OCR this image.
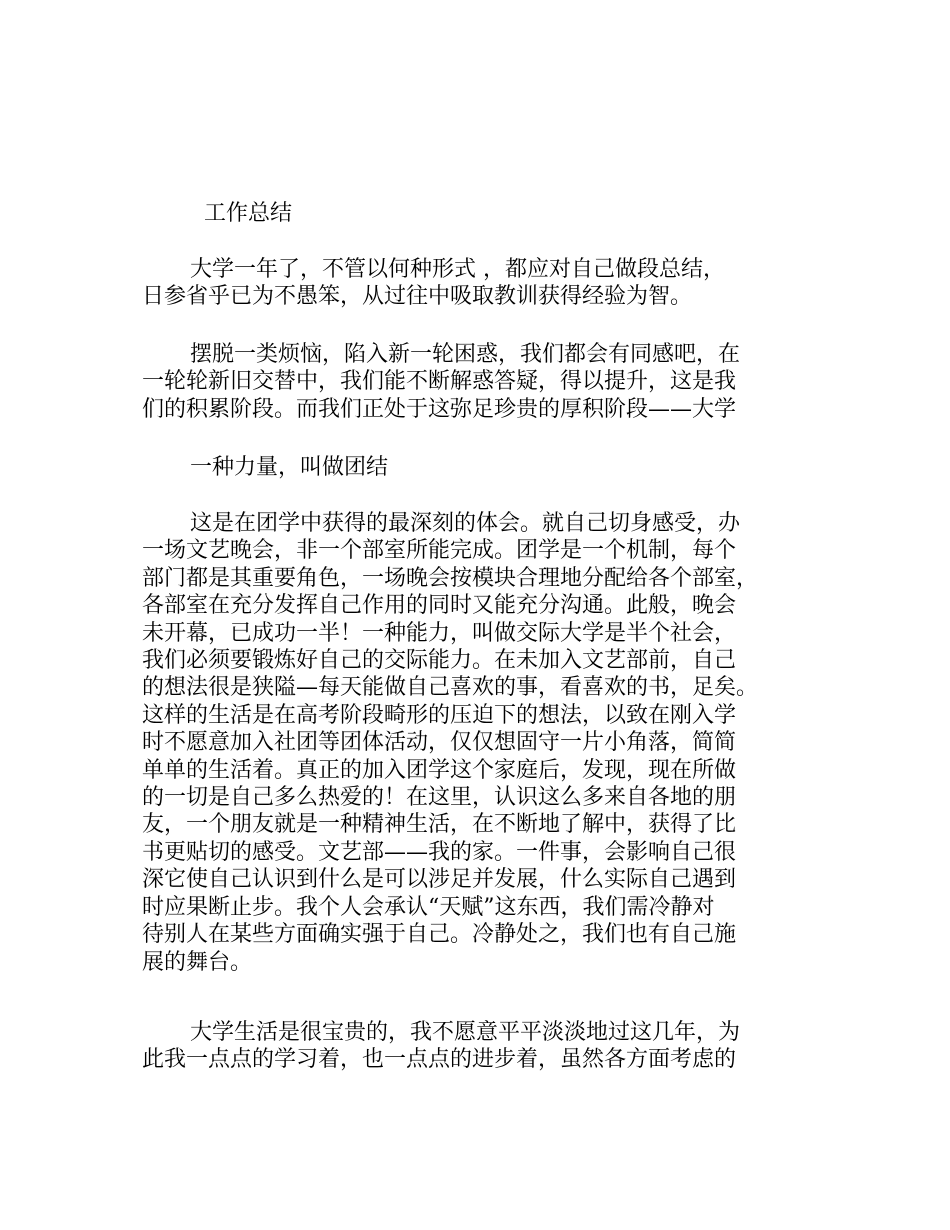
工作总结

大学一年了，不管以何种形式 ，都应对自己做段总结，
日参省乎已为不愚笨，从过往中吸取教训获得经验为智。

摆脱一类烦恼，陷入新一轮困惑，我们都会有同感吧，在
一轮轮新旧交替中，我们能不断解惑答疑，得以提升，这是我
们的积累阶段。而我们正处于这弥足珍贵的厚积阶段——大学

一种力量，叫做团结

这是在团学中获得的最深刻的体会。就自己切身感受，办
一场文艺晚会，非一个部室所能完成。团学是一个机制，每个
部门都是其重要角色，一场晚会按模块合理地分配给各个部室，
各部室在充分发挥自己作用的同时又能充分沟通。此般，晚会
未开幕，已成功一半！一种能力，叫做交际大学是半个社会，
我们必须要锻炼好自己的交际能力。在未加入文艺部前，自己
的想法很是狭隘—每天能做自己喜欢的事，看喜欢的书，足矣。
这样的生活是在高考阶段畸形的压迫下的想法，以致在刚入学
时不愿意加入社团等团体活动，仅仅想固守一片小角落，简简
单单的生活着。真正的加入团学这个家庭后，发现，现在所做
的一切是自己多么热爱的！在这里，认识这么多来自各地的朋
友，一个朋友就是一种精神生活，在不断地了解中，获得了比
书更贴切的感受。文艺部——我的家。一件事，会影响自己很
深它使自己认识到什么是可以涉足并发展，什么实际自己遇到
时应果断止步。我个人会承认“天赋”这东西，我们需冷静对
待别人在某些方面确实强于自己。冷静处之，我们也有自己施
展的舞台。

大学生活是很宝贵的，我不愿意平平淡淡地过这几年，为
此我一点点的学习着，也一点点的进步着，虽然各方面考虑的
